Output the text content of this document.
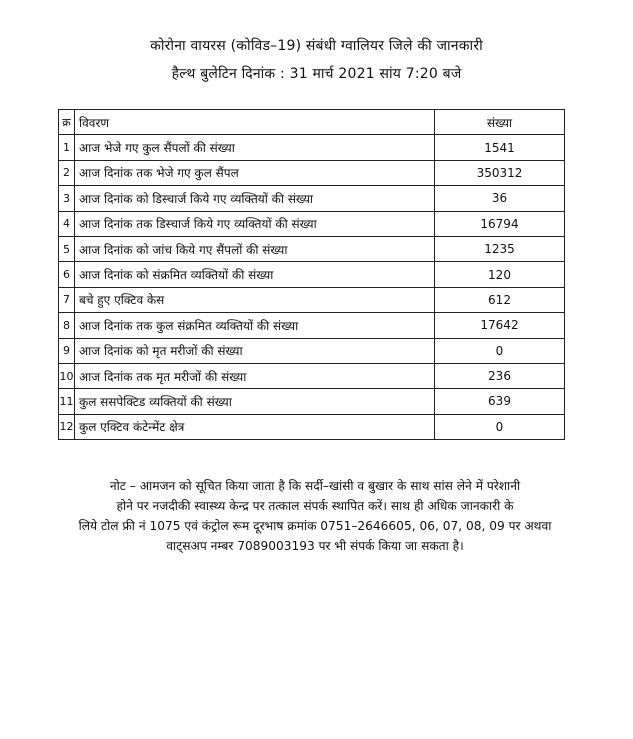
कोरोना वायरस (कोविड–19) संबंधी ग्वालियर जिले की जानकारी
हैल्थ बुलेटिन दिनांक : 31 मार्च 2021 सांय 7:20 बजे
क्र	विवरण	संख्या
1	आज भेजे गए कुल सैंपलों की संख्या	1541
2	आज दिनांक तक भेजे गए कुल सैंपल	350312
3	आज दिनांक को डिस्चार्ज किये गए व्यक्तियों की संख्या	36
4	आज दिनांक तक डिस्चार्ज किये गए व्यक्तियों की संख्या	16794
5	आज दिनांक को जांच किये गए सैंपलों की संख्या	1235
6	आज दिनांक को संक्रमित व्यक्तियों की संख्या	120
7	बचे हुए एक्टिव केस	612
8	आज दिनांक तक कुल संक्रमित व्यक्तियों की संख्या	17642
9	आज दिनांक को मृत मरीजों की संख्या	0
10	आज दिनांक तक मृत मरीजों की संख्या	236
11	कुल ससपेक्टिड व्यक्तियों की संख्या	639
12	कुल एक्टिव कंटेन्मेंट क्षेत्र	0
नोट – आमजन को सूचित किया जाता है कि सर्दी–खांसी व बुखार के साथ सांस लेने में परेशानी
होने पर नजदीकी स्वास्थ्य केन्द्र पर तत्काल संपर्क स्थापित करें। साथ ही अधिक जानकारी के
लिये टोल फ्री नं 1075 एवं कंट्रोल रूम दूरभाष क्रमांक 0751–2646605, 06, 07, 08, 09 पर अथवा
वाट्सअप नम्बर 7089003193 पर भी संपर्क किया जा सकता है।
